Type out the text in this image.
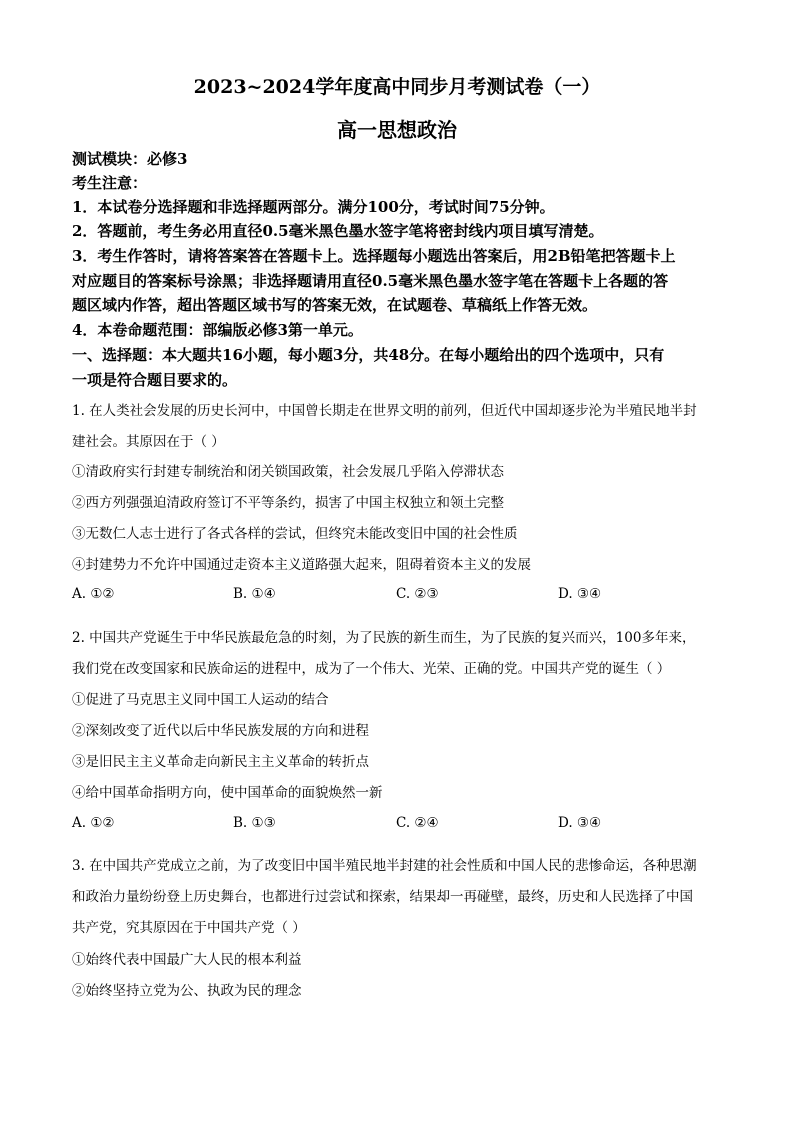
2023~2024学年度高中同步月考测试卷（一）
高一思想政治
测试模块：必修3
考生注意：
1．本试卷分选择题和非选择题两部分。满分100分，考试时间75分钟。
2．答题前，考生务必用直径0.5毫米黑色墨水签字笔将密封线内项目填写清楚。
3．考生作答时，请将答案答在答题卡上。选择题每小题选出答案后，用2B铅笔把答题卡上
对应题目的答案标号涂黑；非选择题请用直径0.5毫米黑色墨水签字笔在答题卡上各题的答
题区域内作答，超出答题区域书写的答案无效，在试题卷、草稿纸上作答无效。
4．本卷命题范围：部编版必修3第一单元。
一、选择题：本大题共16小题，每小题3分，共48分。在每小题给出的四个选项中，只有
一项是符合题目要求的。
1. 在人类社会发展的历史长河中，中国曾长期走在世界文明的前列，但近代中国却逐步沦为半殖民地半封
建社会。其原因在于（ ）
①清政府实行封建专制统治和闭关锁国政策，社会发展几乎陷入停滞状态
②西方列强强迫清政府签订不平等条约，损害了中国主权独立和领土完整
③无数仁人志士进行了各式各样的尝试，但终究未能改变旧中国的社会性质
④封建势力不允许中国通过走资本主义道路强大起来，阻碍着资本主义的发展
A. ①②	B. ①④	C. ②③	D. ③④
2. 中国共产党诞生于中华民族最危急的时刻，为了民族的新生而生，为了民族的复兴而兴，100多年来，
我们党在改变国家和民族命运的进程中，成为了一个伟大、光荣、正确的党。中国共产党的诞生（ ）
①促进了马克思主义同中国工人运动的结合
②深刻改变了近代以后中华民族发展的方向和进程
③是旧民主主义革命走向新民主主义革命的转折点
④给中国革命指明方向，使中国革命的面貌焕然一新
A. ①②	B. ①③	C. ②④	D. ③④
3. 在中国共产党成立之前，为了改变旧中国半殖民地半封建的社会性质和中国人民的悲惨命运，各种思潮
和政治力量纷纷登上历史舞台，也都进行过尝试和探索，结果却一再碰壁，最终，历史和人民选择了中国
共产党，究其原因在于中国共产党（ ）
①始终代表中国最广大人民的根本利益
②始终坚持立党为公、执政为民的理念
